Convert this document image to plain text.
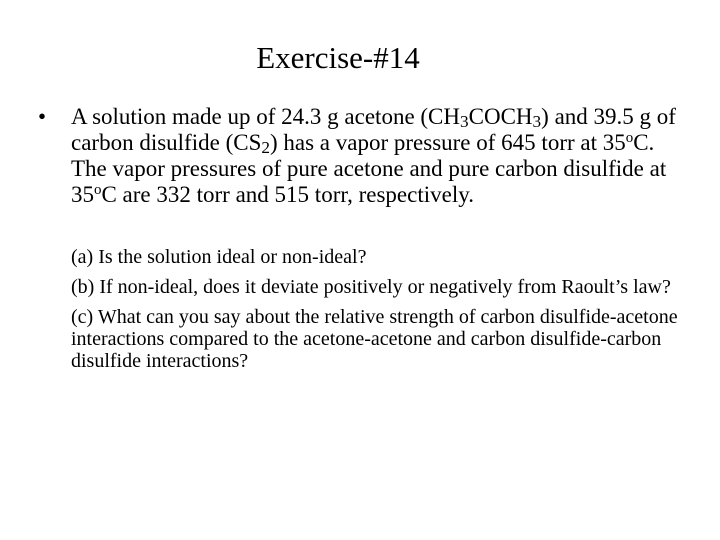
Exercise-#14
•	A solution made up of 24.3 g acetone $(CH_3COCH_3)$ and 39.5 g of carbon disulfide $(CS_2)$ has a vapor pressure of 645 torr at 35$^o$C. The vapor pressures of pure acetone and pure carbon disulfide at 35$^o$C are 332 torr and 515 torr, respectively.

(a) Is the solution ideal or non-ideal?

(b) If non-ideal, does it deviate positively or negatively from Raoult’s law?

(c) What can you say about the relative strength of carbon disulfide-acetone interactions compared to the acetone-acetone and carbon disulfide-carbon disulfide interactions?
